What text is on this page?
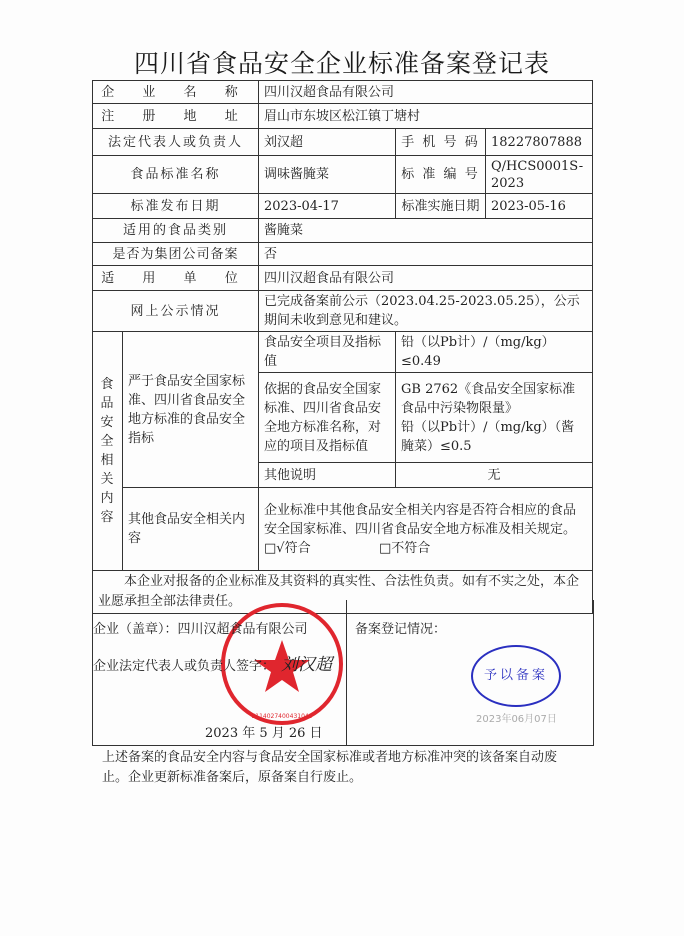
四川省食品安全企业标准备案登记表
企 业 名 称		四川汉超食品有限公司		
注 册 地 址		眉山市东坡区松江镇丁塘村		
法定代表人或负责人		刘汉超	手 机 号 码	18227807888
食品标准名称		调味酱腌菜	标 准 编 号	Q/HCS0001S-2023
标准发布日期		2023-04-17	标准实施日期	2023-05-16
适用的食品类别		酱腌菜		
是否为集团公司备案		否		
适 用 单 位		四川汉超食品有限公司		
网上公示情况		已完成备案前公示（2023.04.25-2023.05.25），公示期间未收到意见和建议。		

食品安全相关内容	严于食品安全国家标准、四川省食品安全地方标准的食品安全指标	食品安全项目及指标值	铅（以Pb计）/（mg/kg）≤0.49	
		依据的食品安全国家标准、四川省食品安全地方标准名称，对应的项目及指标值	GB 2762《食品安全国家标准 食品中污染物限量》
铅（以Pb计）/（mg/kg）（酱腌菜）≤0.5	

		其他说明	无	
	其他食品安全相关内容	企业标准中其他食品安全相关内容是否符合相应的食品安全国家标准、四川省食品安全地方标准及相关规定。
□√符合 □不符合		

本企业对报备的企业标准及其资料的真实性、合法性负责。如有不实之处，本企业愿承担全部法律责任。				
5114027400431040
企业（盖章）：四川汉超食品有限公司
企业法定代表人或负责人签字： 刘汉超
2023 年 5 月 26 日
备案登记情况：
予以备案
2023年06月07日
上述备案的食品安全内容与食品安全国家标准或者地方标准冲突的该备案自动废止。企业更新标准备案后，原备案自行废止。
